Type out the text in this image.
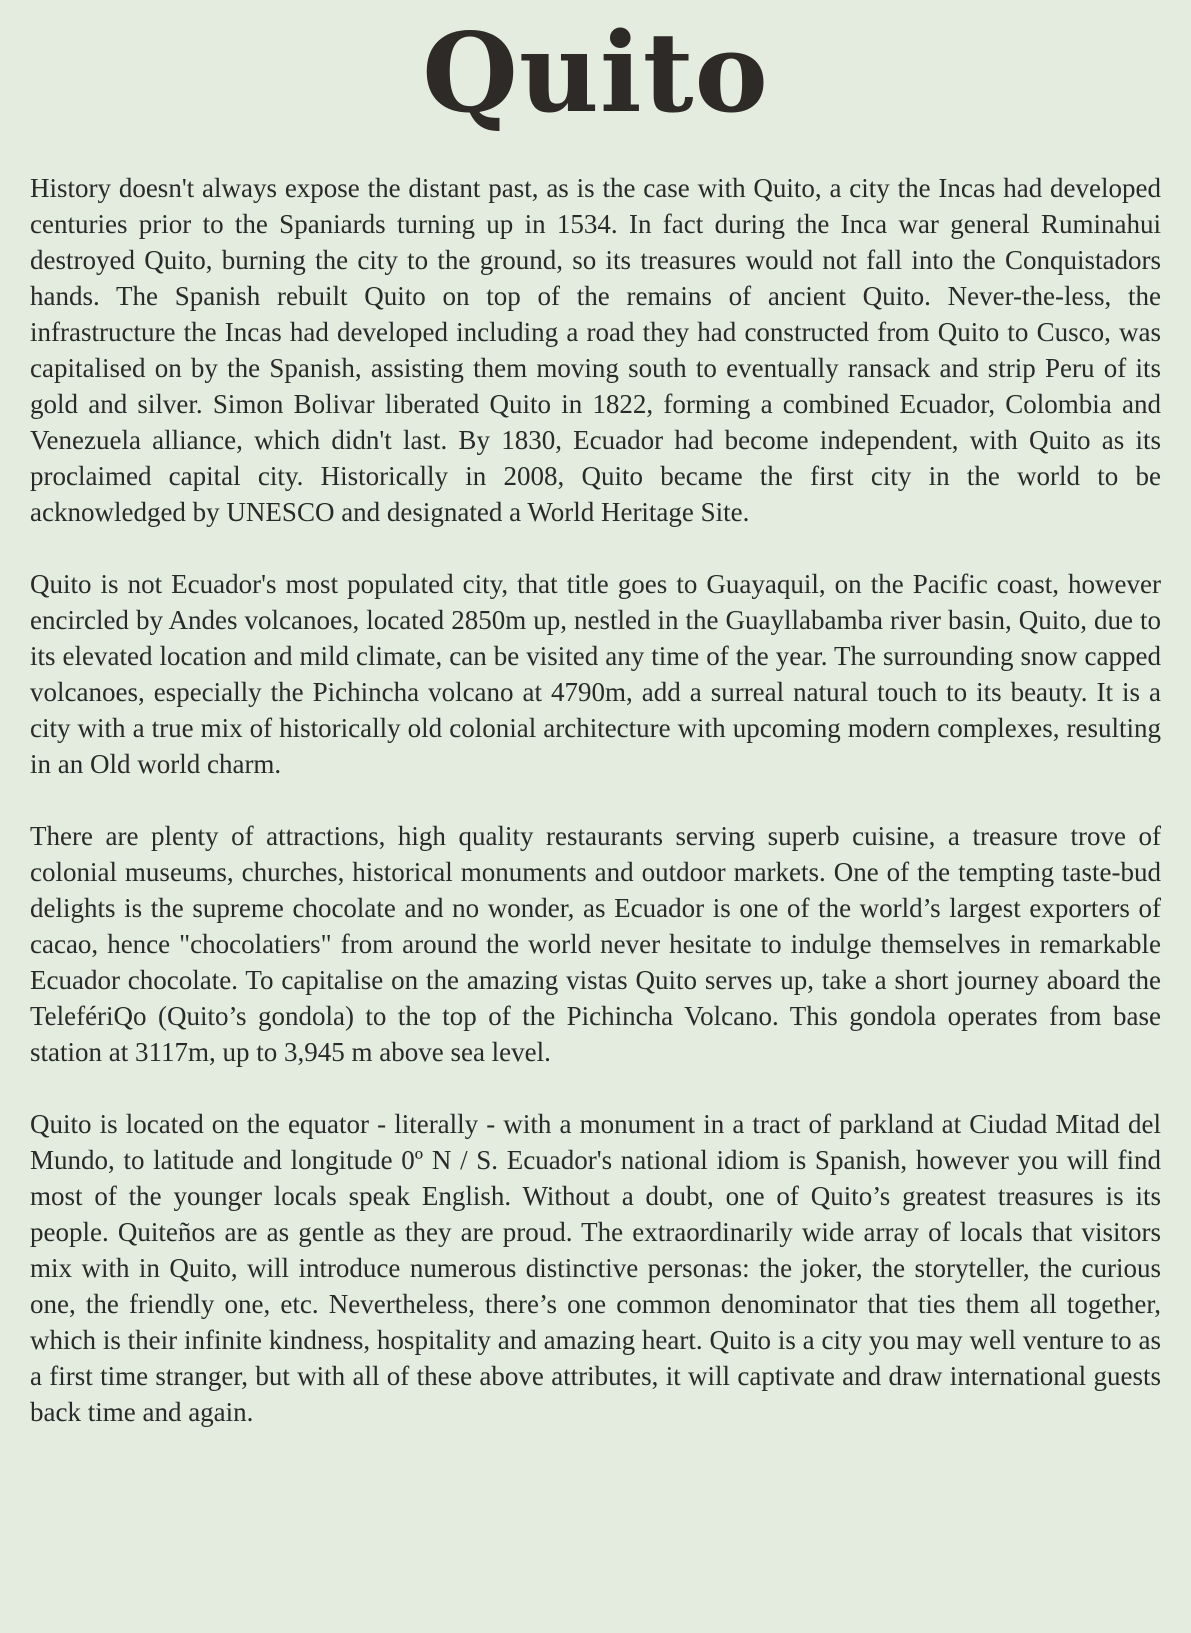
Quito

History doesn't always expose the distant past, as is the case with Quito, a city the Incas had developed centuries prior to the Spaniards turning up in 1534. In fact during the Inca war general Ruminahui destroyed Quito, burning the city to the ground, so its treasures would not fall into the Conquistadors hands. The Spanish rebuilt Quito on top of the remains of ancient Quito. Never-the-less, the infrastructure the Incas had developed including a road they had constructed from Quito to Cusco, was capitalised on by the Spanish, assisting them moving south to eventually ransack and strip Peru of its gold and silver. Simon Bolivar liberated Quito in 1822, forming a combined Ecuador, Colombia and Venezuela alliance, which didn't last. By 1830, Ecuador had become independent, with Quito as its proclaimed capital city. Historically in 2008, Quito became the first city in the world to be acknowledged by UNESCO and designated a World Heritage Site.

Quito is not Ecuador's most populated city, that title goes to Guayaquil, on the Pacific coast, however encircled by Andes volcanoes, located 2850m up, nestled in the Guayllabamba river basin, Quito, due to its elevated location and mild climate, can be visited any time of the year. The surrounding snow capped volcanoes, especially the Pichincha volcano at 4790m, add a surreal natural touch to its beauty. It is a city with a true mix of historically old colonial architecture with upcoming modern complexes, resulting in an Old world charm.

There are plenty of attractions, high quality restaurants serving superb cuisine, a treasure trove of colonial museums, churches, historical monuments and outdoor markets. One of the tempting taste-bud delights is the supreme chocolate and no wonder, as Ecuador is one of the world’s largest exporters of cacao, hence "chocolatiers" from around the world never hesitate to indulge themselves in remarkable Ecuador chocolate. To capitalise on the amazing vistas Quito serves up, take a short journey aboard the TelefériQo (Quito’s gondola) to the top of the Pichincha Volcano. This gondola operates from base station at 3117m, up to 3,945 m above sea level.

Quito is located on the equator - literally - with a monument in a tract of parkland at Ciudad Mitad del Mundo, to latitude and longitude 0º N / S. Ecuador's national idiom is Spanish, however you will find most of the younger locals speak English. Without a doubt, one of Quito’s greatest treasures is its people. Quiteños are as gentle as they are proud. The extraordinarily wide array of locals that visitors mix with in Quito, will introduce numerous distinctive personas: the joker, the storyteller, the curious one, the friendly one, etc. Nevertheless, there’s one common denominator that ties them all together, which is their infinite kindness, hospitality and amazing heart. Quito is a city you may well venture to as a first time stranger, but with all of these above attributes, it will captivate and draw international guests back time and again.
